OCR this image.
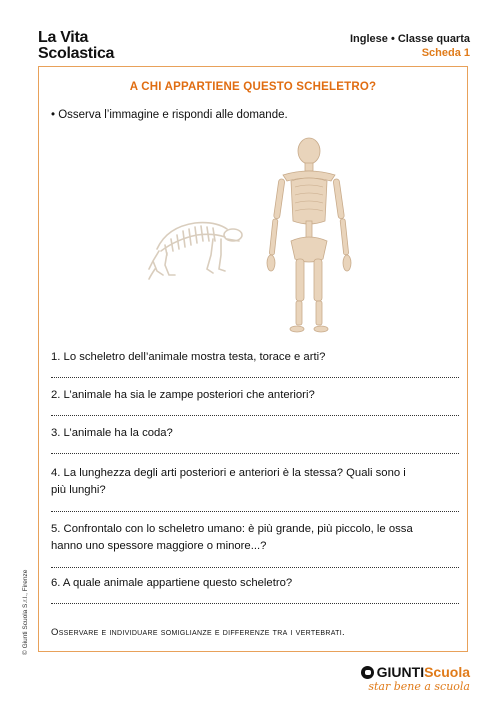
La Vita
Scolastica
Inglese • Classe quarta
Scheda 1
A CHI APPARTIENE QUESTO SCHELETRO?
• Osserva l’immagine e rispondi alle domande.
1. Lo scheletro dell’animale mostra testa, torace e arti?
2. L’animale ha sia le zampe posteriori che anteriori?
3. L’animale ha la coda?
4. La lunghezza degli arti posteriori e anteriori è la stessa? Quali sono i
più lunghi?
5. Confrontalo con lo scheletro umano: è più grande, più piccolo, le ossa
hanno uno spessore maggiore o minore...?
6. A quale animale appartiene questo scheletro?
Osservare e individuare somiglianze e differenze tra i vertebrati.
© Giunti Scuola S.r.l., Firenze
GIUNTIScuola
star bene a scuola
